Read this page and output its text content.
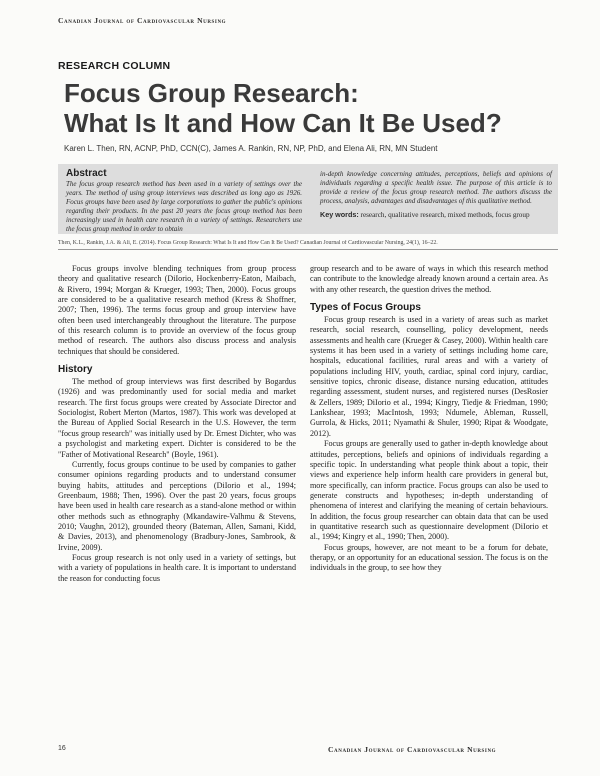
Canadian Journal of Cardiovascular Nursing
RESEARCH COLUMN
Focus Group Research:
What Is It and How Can It Be Used?
Karen L. Then, RN, ACNP, PhD, CCN(C), James A. Rankin, RN, NP, PhD, and Elena Ali, RN, MN Student
Abstract
The focus group research method has been used in a variety of settings over the years. The method of using group interviews was described as long ago as 1926. Focus groups have been used by large corporations to gather the public's opinions regarding their products. In the past 20 years the focus group method has been increasingly used in health care research in a variety of settings. Researchers use the focus group method in order to obtain
in-depth knowledge concerning attitudes, perceptions, beliefs and opinions of individuals regarding a specific health issue. The purpose of this article is to provide a review of the focus group research method. The authors discuss the process, analysis, advantages and disadvantages of this qualitative method.
Key words: research, qualitative research, mixed methods, focus group
Then, K.L., Rankin, J.A. & Ali, E. (2014). Focus Group Research: What Is It and How Can It Be Used? Canadian Journal of Cardiovascular Nursing, 24(1), 16–22.

Focus groups involve blending techniques from group process theory and qualitative research (DiIorio, Hockenberry-Eaton, Maibach, & Rivero, 1994; Morgan & Krueger, 1993; Then, 2000). Focus groups are considered to be a qualitative research method (Kress & Shoffner, 2007; Then, 1996). The terms focus group and group interview have often been used interchangeably throughout the literature. The purpose of this research column is to provide an overview of the focus group method of research. The authors also discuss process and analysis techniques that should be considered.

History

The method of group interviews was first described by Bogardus (1926) and was predominantly used for social media and market research. The first focus groups were created by Associate Director and Sociologist, Robert Merton (Martos, 1987). This work was developed at the Bureau of Applied Social Research in the U.S. However, the term "focus group research" was initially used by Dr. Ernest Dichter, who was a psychologist and marketing expert. Dichter is considered to be the "Father of Motivational Research" (Boyle, 1961).

Currently, focus groups continue to be used by companies to gather consumer opinions regarding products and to understand consumer buying habits, attitudes and perceptions (DiIorio et al., 1994; Greenbaum, 1988; Then, 1996). Over the past 20 years, focus groups have been used in health care research as a stand-alone method or within other methods such as ethnography (Mkandawire-Valhmu & Stevens, 2010; Vaughn, 2012), grounded theory (Bateman, Allen, Samani, Kidd, & Davies, 2013), and phenomenology (Bradbury-Jones, Sambrook, & Irvine, 2009).

Focus group research is not only used in a variety of settings, but with a variety of populations in health care. It is important to understand the reason for conducting focus

group research and to be aware of ways in which this research method can contribute to the knowledge already known around a certain area. As with any other research, the question drives the method.

Types of Focus Groups

Focus group research is used in a variety of areas such as market research, social research, counselling, policy development, needs assessments and health care (Krueger & Casey, 2000). Within health care systems it has been used in a variety of settings including home care, hospitals, educational facilities, rural areas and with a variety of populations including HIV, youth, cardiac, spinal cord injury, cardiac, sensitive topics, chronic disease, distance nursing education, attitudes regarding assessment, student nurses, and registered nurses (DesRosier & Zellers, 1989; DiIorio et al., 1994; Kingry, Tiedje & Friedman, 1990; Lankshear, 1993; MacIntosh, 1993; Ndumele, Ableman, Russell, Gurrola, & Hicks, 2011; Nyamathi & Shuler, 1990; Ripat & Woodgate, 2012).

Focus groups are generally used to gather in-depth knowledge about attitudes, perceptions, beliefs and opinions of individuals regarding a specific topic. In understanding what people think about a topic, their views and experience help inform health care providers in general but, more specifically, can inform practice. Focus groups can also be used to generate constructs and hypotheses; in-depth understanding of phenomena of interest and clarifying the meaning of certain behaviours. In addition, the focus group researcher can obtain data that can be used in quantitative research such as questionnaire development (DiIorio et al., 1994; Kingry et al., 1990; Then, 2000).

Focus groups, however, are not meant to be a forum for debate, therapy, or an opportunity for an educational session. The focus is on the individuals in the group, to see how they

16	Canadian Journal of Cardiovascular Nursing
